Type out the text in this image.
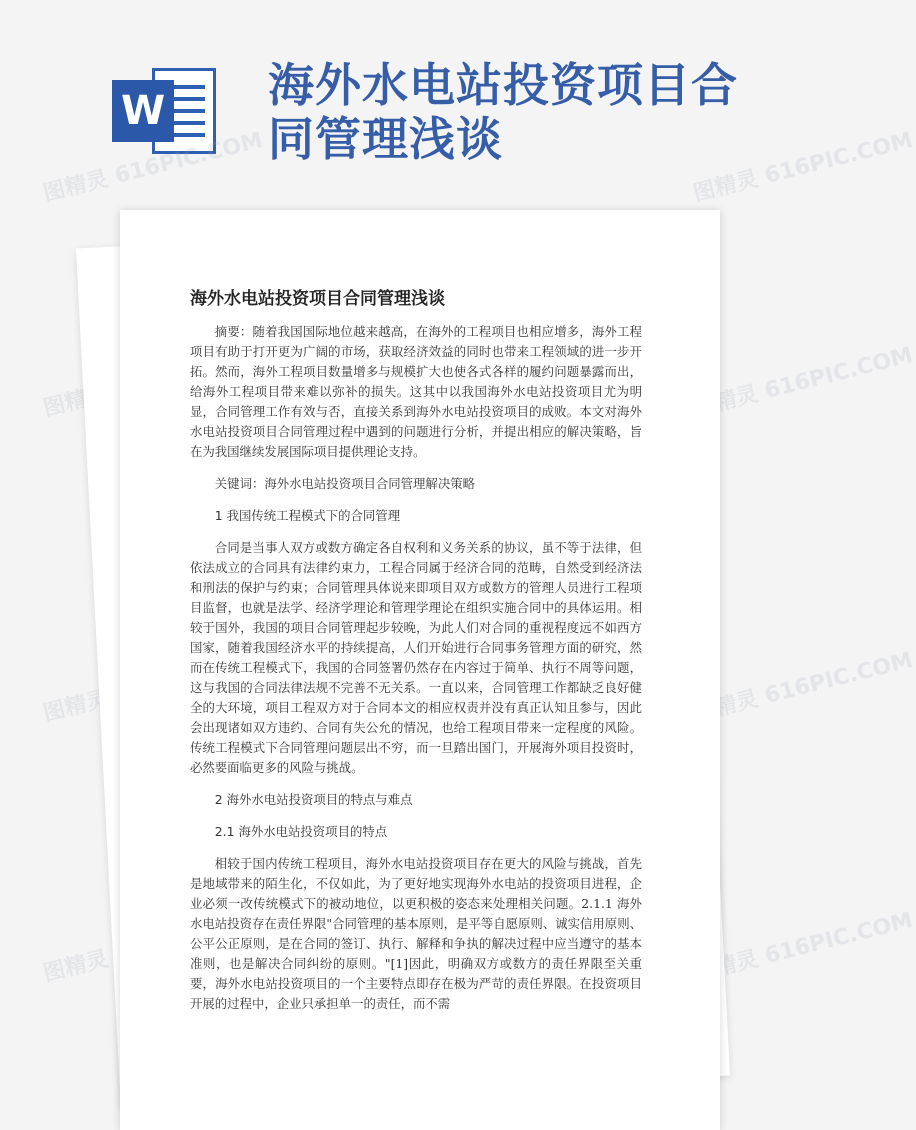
W 海外水电站投资项目合同管理浅谈
图精灵 616PIC.COM	图精灵 616PIC.COM
图精灵	图精灵 616PIC.COM
图精灵	图精灵 616PIC.COM
图精灵	图精灵 616PIC.COM
海外水电站投资项目合同管理浅谈

摘要：随着我国国际地位越来越高，在海外的工程项目也相应增多，海外工程项目有助于打开更为广阔的市场，获取经济效益的同时也带来工程领域的进一步开拓。然而，海外工程项目数量增多与规模扩大也使各式各样的履约问题暴露而出，给海外工程项目带来难以弥补的损失。这其中以我国海外水电站投资项目尤为明显，合同管理工作有效与否，直接关系到海外水电站投资项目的成败。本文对海外水电站投资项目合同管理过程中遇到的问题进行分析，并提出相应的解决策略，旨在为我国继续发展国际项目提供理论支持。

关键词：海外水电站投资项目合同管理解决策略

1 我国传统工程模式下的合同管理

合同是当事人双方或数方确定各自权利和义务关系的协议，虽不等于法律，但依法成立的合同具有法律约束力，工程合同属于经济合同的范畴，自然受到经济法和刑法的保护与约束；合同管理具体说来即项目双方或数方的管理人员进行工程项目监督，也就是法学、经济学理论和管理学理论在组织实施合同中的具体运用。相较于国外，我国的项目合同管理起步较晚，为此人们对合同的重视程度远不如西方国家，随着我国经济水平的持续提高，人们开始进行合同事务管理方面的研究，然而在传统工程模式下，我国的合同签署仍然存在内容过于简单、执行不周等问题，这与我国的合同法律法规不完善不无关系。一直以来，合同管理工作都缺乏良好健全的大环境，项目工程双方对于合同本文的相应权责并没有真正认知且参与，因此会出现诸如双方违约、合同有失公允的情况，也给工程项目带来一定程度的风险。传统工程模式下合同管理问题层出不穷，而一旦踏出国门，开展海外项目投资时，必然要面临更多的风险与挑战。

2 海外水电站投资项目的特点与难点
2.1 海外水电站投资项目的特点

相较于国内传统工程项目，海外水电站投资项目存在更大的风险与挑战，首先是地域带来的陌生化，不仅如此，为了更好地实现海外水电站的投资项目进程，企业必须一改传统模式下的被动地位，以更积极的姿态来处理相关问题。2.1.1 海外水电站投资存在责任界限"合同管理的基本原则，是平等自愿原则、诚实信用原则、公平公正原则，是在合同的签订、执行、解释和争执的解决过程中应当遵守的基本准则，也是解决合同纠纷的原则。"[1]因此，明确双方或数方的责任界限至关重要，海外水电站投资项目的一个主要特点即存在极为严苛的责任界限。在投资项目开展的过程中，企业只承担单一的责任，而不需
